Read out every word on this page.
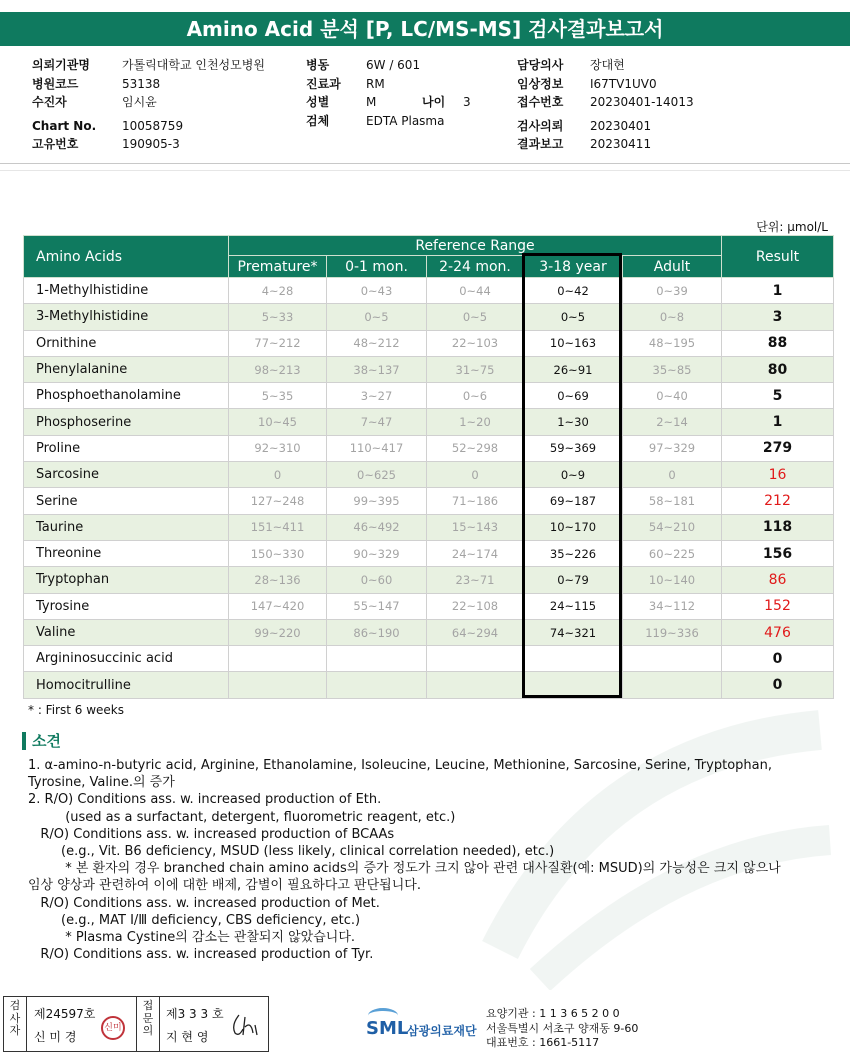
Amino Acid 분석 [P, LC/MS-MS] 검사결과보고서
의뢰기관명	가톨릭대학교 인천성모병원
병원코드	53138
수진자	임시윤
Chart No. 10058759
고유번호	190905-3
병동	6W / 601
진료과 RM
성별	M
검체	EDTA Plasma
나이 3
담당의사 장대현
임상정보 I67TV1UV0
접수번호 20230401-14013
검사의뢰 20230401
결과보고 20230411
단위: μmol/L
Amino Acids	Reference Range					Result
	Premature*	0-1 mon.	2-24 mon.	3-18 year	Adult	
1-Methylhistidine	4~28	0~43	0~44	0~42	0~39	1
3-Methylhistidine	5~33	0~5	0~5	0~5	0~8	3
Ornithine	77~212	48~212	22~103	10~163	48~195	88
Phenylalanine	98~213	38~137	31~75	26~91	35~85	80
Phosphoethanolamine	5~35	3~27	0~6	0~69	0~40	5
Phosphoserine	10~45	7~47	1~20	1~30	2~14	1
Proline	92~310	110~417	52~298	59~369	97~329	279
Sarcosine	0	0~625	0	0~9	0	16
Serine	127~248	99~395	71~186	69~187	58~181	212
Taurine	151~411	46~492	15~143	10~170	54~210	118
Threonine	150~330	90~329	24~174	35~226	60~225	156
Tryptophan	28~136	0~60	23~71	0~79	10~140	86
Tyrosine	147~420	55~147	22~108	24~115	34~112	152
Valine	99~220	86~190	64~294	74~321	119~336	476
Argininosuccinic acid						0
Homocitrulline						0
* : First 6 weeks
소견
1. α-amino-n-butyric acid, Arginine, Ethanolamine, Isoleucine, Leucine, Methionine, Sarcosine, Serine, Tryptophan,
Tyrosine, Valine.의 증가
2. R/O) Conditions ass. w. increased production of Eth.
(used as a surfactant, detergent, fluorometric reagent, etc.)
R/O) Conditions ass. w. increased production of BCAAs
(e.g., Vit. B6 deficiency, MSUD (less likely, clinical correlation needed), etc.)
* 본 환자의 경우 branched chain amino acids의 증가 정도가 크지 않아 관련 대사질환(예: MSUD)의 가능성은 크지 않으나
임상 양상과 관련하여 이에 대한 배제, 감별이 필요하다고 판단됩니다.
R/O) Conditions ass. w. increased production of Met.
(e.g., MAT Ⅰ/Ⅲ deficiency, CBS deficiency, etc.)
* Plasma Cystine의 감소는 관찰되지 않았습니다.
R/O) Conditions ass. w. increased production of Tyr.
검
사
자
제24597호
신 미 경
신미
접
문
의
제3 3 3 호
지 현 영	SML
삼광의료재단
요양기관 : 1 1 3 6 5 2 0 0
서울특별시 서초구 양재동 9-60
대표번호 : 1661-5117
